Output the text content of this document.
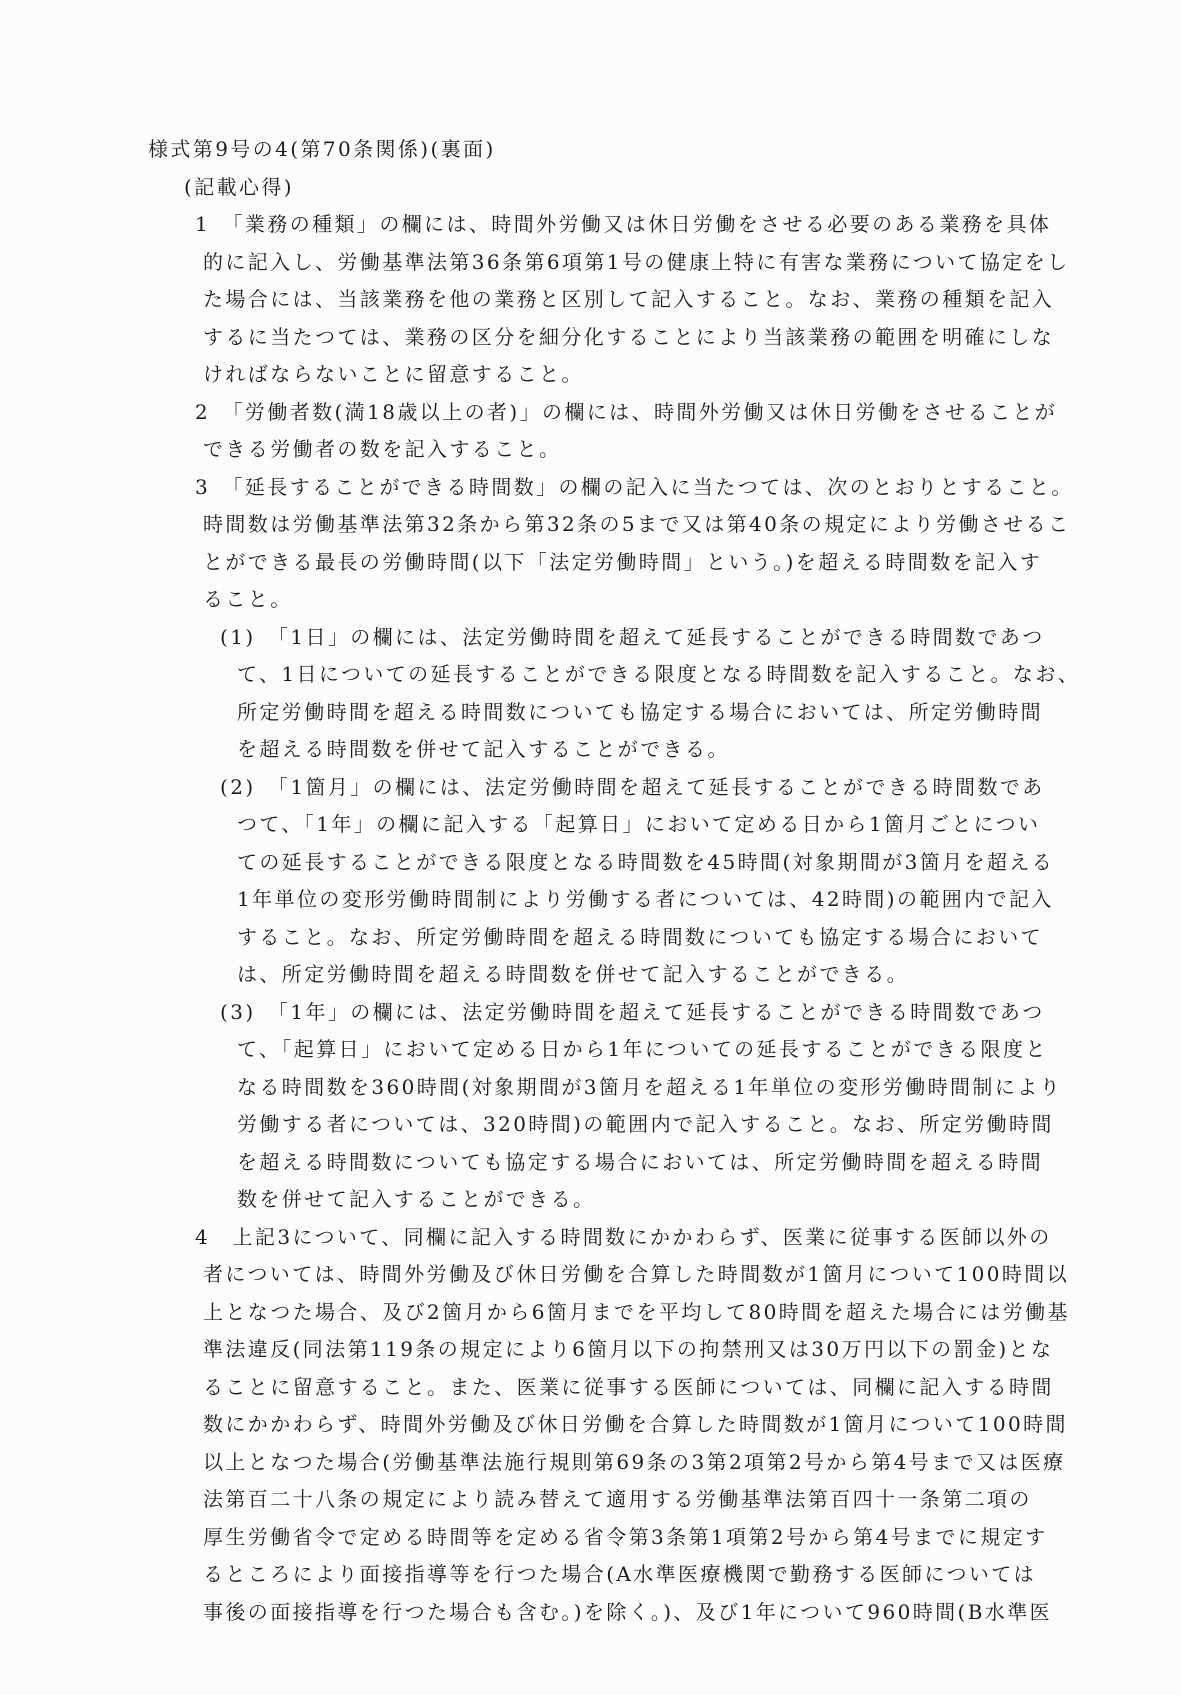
様式第9号の4(第70条関係)(裏面)
(記載心得)
1　「業務の種類」の欄には、時間外労働又は休日労働をさせる必要のある業務を具体
的に記入し、労働基準法第36条第6項第1号の健康上特に有害な業務について協定をし
た場合には、当該業務を他の業務と区別して記入すること。なお、業務の種類を記入
するに当たつては、業務の区分を細分化することにより当該業務の範囲を明確にしな
ければならないことに留意すること。
2　「労働者数(満18歳以上の者)」の欄には、時間外労働又は休日労働をさせることが
できる労働者の数を記入すること。
3　「延長することができる時間数」の欄の記入に当たつては、次のとおりとすること。
時間数は労働基準法第32条から第32条の5まで又は第40条の規定により労働させるこ
とができる最長の労働時間(以下「法定労働時間」という。)を超える時間数を記入す
ること。
(1)　「1日」の欄には、法定労働時間を超えて延長することができる時間数であつ
て、1日についての延長することができる限度となる時間数を記入すること。なお、
所定労働時間を超える時間数についても協定する場合においては、所定労働時間
を超える時間数を併せて記入することができる。
(2)　「1箇月」の欄には、法定労働時間を超えて延長することができる時間数であ
つて、「1年」の欄に記入する「起算日」において定める日から1箇月ごとについ
ての延長することができる限度となる時間数を45時間(対象期間が3箇月を超える
1年単位の変形労働時間制により労働する者については、42時間)の範囲内で記入
すること。なお、所定労働時間を超える時間数についても協定する場合において
は、所定労働時間を超える時間数を併せて記入することができる。
(3)　「1年」の欄には、法定労働時間を超えて延長することができる時間数であつ
て、「起算日」において定める日から1年についての延長することができる限度と
なる時間数を360時間(対象期間が3箇月を超える1年単位の変形労働時間制により
労働する者については、320時間)の範囲内で記入すること。なお、所定労働時間
を超える時間数についても協定する場合においては、所定労働時間を超える時間
数を併せて記入することができる。
4　上記3について、同欄に記入する時間数にかかわらず、医業に従事する医師以外の
者については、時間外労働及び休日労働を合算した時間数が1箇月について100時間以
上となつた場合、及び2箇月から6箇月までを平均して80時間を超えた場合には労働基
準法違反(同法第119条の規定により6箇月以下の拘禁刑又は30万円以下の罰金)とな
ることに留意すること。また、医業に従事する医師については、同欄に記入する時間
数にかかわらず、時間外労働及び休日労働を合算した時間数が1箇月について100時間
以上となつた場合(労働基準法施行規則第69条の3第2項第2号から第4号まで又は医療
法第百二十八条の規定により読み替えて適用する労働基準法第百四十一条第二項の
厚生労働省令で定める時間等を定める省令第3条第1項第2号から第4号までに規定す
るところにより面接指導等を行つた場合(A水準医療機関で勤務する医師については
事後の面接指導を行つた場合も含む。)を除く。)、及び1年について960時間(B水準医
